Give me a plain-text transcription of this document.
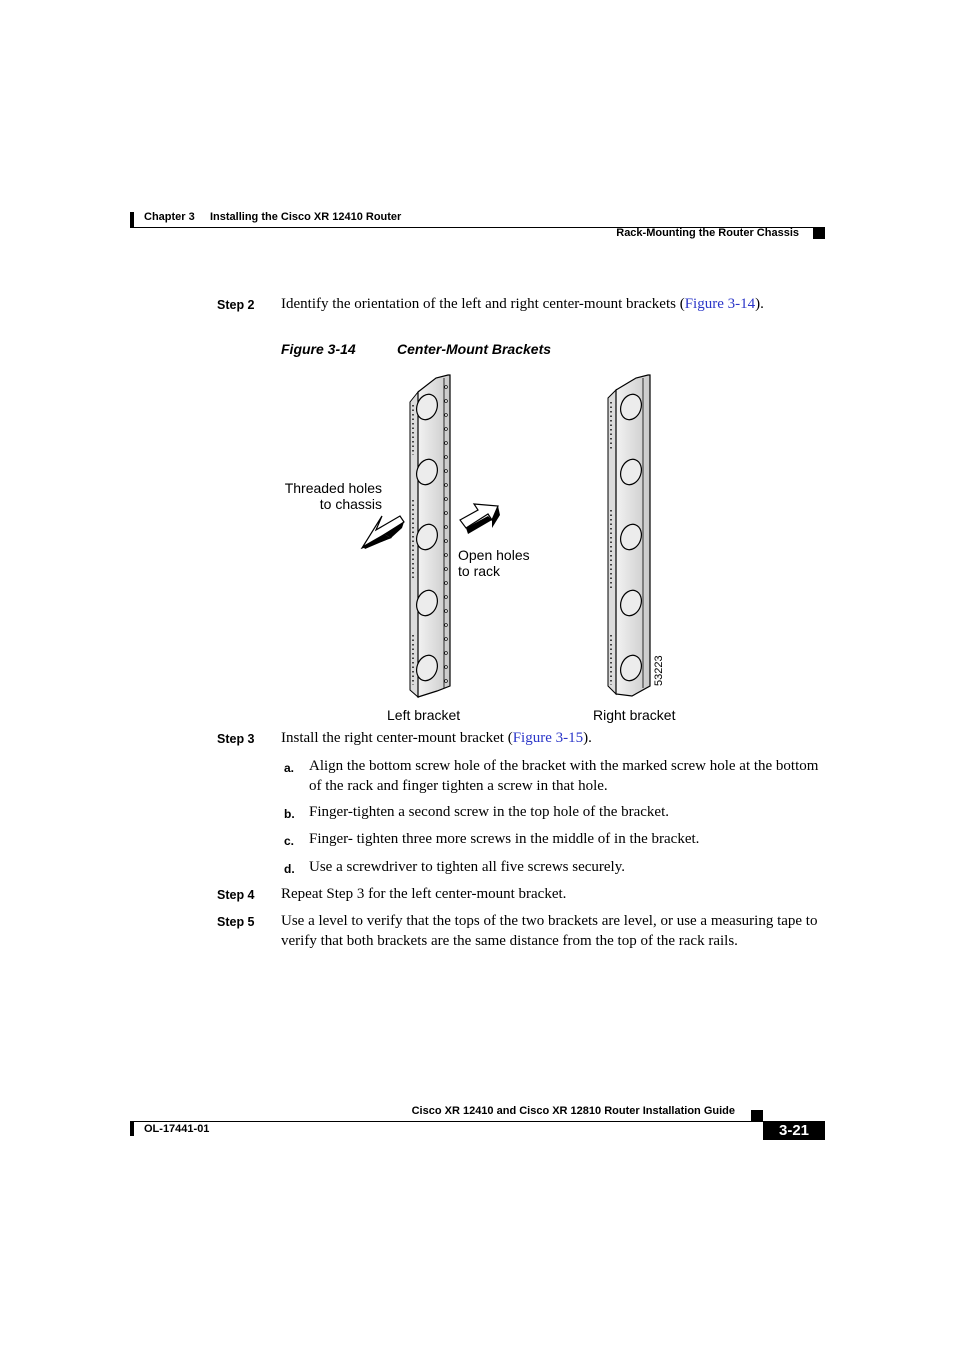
Chapter 3 Installing the Cisco XR 12410 Router
Rack-Mounting the Router Chassis
Step 2 Identify the orientation of the left and right center-mount brackets (Figure 3-14).
Figure 3-14	Center-Mount Brackets
53223
Threaded holes
to chassis
Open holes
to rack
Left bracket	Right bracket
Step 3 Install the right center-mount bracket (Figure 3-15).
a. Align the bottom screw hole of the bracket with the marked screw hole at the bottom of the rack and finger tighten a screw in that hole.
b. Finger-tighten a second screw in the top hole of the bracket.
c. Finger- tighten three more screws in the middle of in the bracket.
d. Use a screwdriver to tighten all five screws securely.
Step 4 Repeat Step 3 for the left center-mount bracket.
Step 5 Use a level to verify that the tops of the two brackets are level, or use a measuring tape to verify that both brackets are the same distance from the top of the rack rails.
Cisco XR 12410 and Cisco XR 12810 Router Installation Guide
OL-17441-01	3-21
